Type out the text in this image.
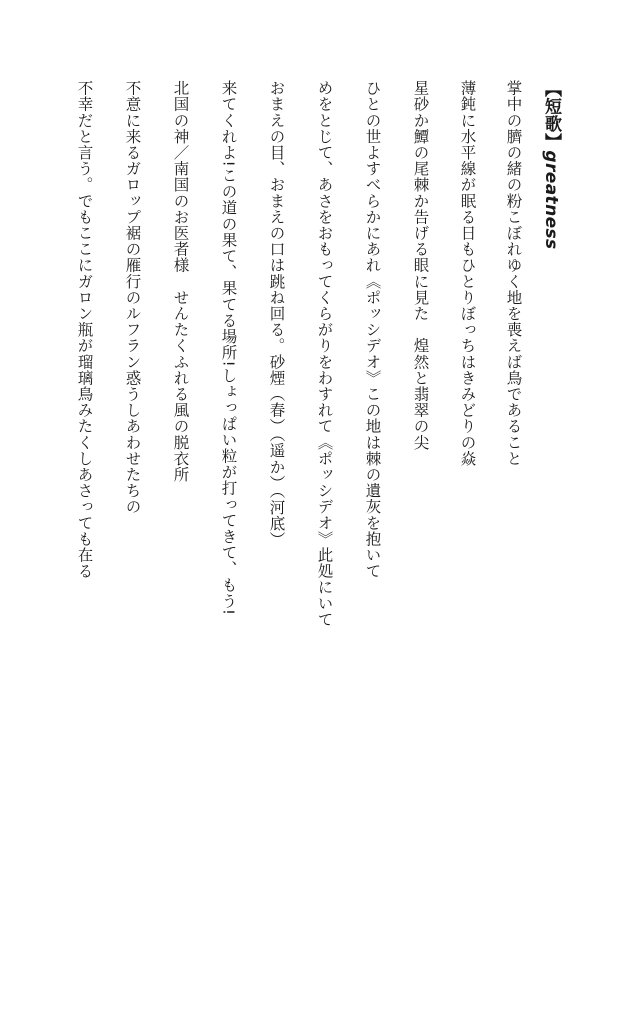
【短歌】greatness
掌中の臍の緒の粉こぼれゆく地を喪えば鳥であること
薄鈍に水平線が眠る日もひとりぼっちはきみどりの焱
星砂か鱏の尾棘か告げる眼に見た　煌然と翡翠の尖
ひとの世よすべらかにあれ《ポッシデオ》この地は棘の遺灰を抱いて
めをとじて、あさをおもってくらがりをわすれて《ポッシデオ》此処にいて
おまえの目、おまえの口は跳ね回る。砂煙（春）（遥か）（河底）
来てくれよ!この道の果て、果てる場所!しょっぱい粒が打ってきて、もう!
北国の神／南国のお医者様　せんたくふれる風の脱衣所
不意に来るガロップ裾の雁行のルフラン惑うしあわせたちの
不幸だと言う。でもここにガロン瓶が瑠璃鳥みたくしあさっても在る
